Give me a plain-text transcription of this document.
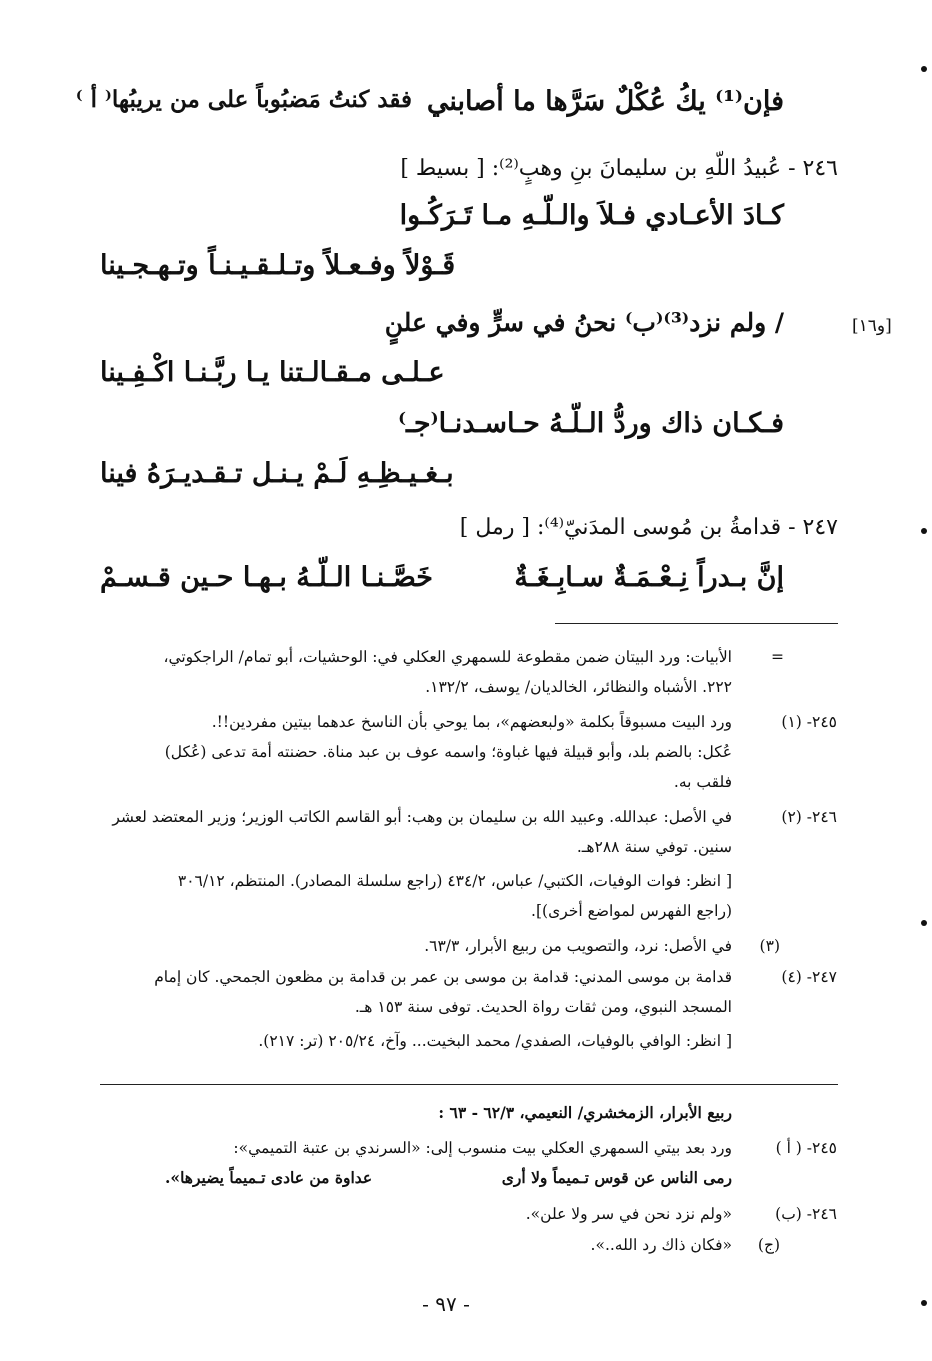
فإن⁽¹⁾ يكُ عُكْلٌ سَرَّها ما أصابني

فقد كنتُ مَضبُوباً على من يريبُها⁽ أ ⁾

٢٤٦ - عُبيدُ اللّهِ بن سليمانَ بنِ وهبٍ⁽²⁾: [ بسيط ]

كـادَ الأعـادي فـلاَ والـلّـهِ مـا تَـرَكُـوا

قَـوْلاً وفـعـلاً وتـلـقـيـنـاً وتـهـجـينا

/ ولم نزد⁽³⁾⁽ب⁾ نحنُ في سرٍّ وفي علنٍ	[و١٦]

عـلـى مـقـالـتنا يـا ربَّـنـا اكْـفِـينا

فـكـان ذاك وردُّ الـلّـهُ حـاسـدنـا⁽ﺟـ⁾

بـغـيـظِـهِ لَـمْ يـنـل تـقـديـرَهُ فينا

٢٤٧ - قدامةُ بن مُوسى المدَنيّ⁽⁴⁾: [ رمل ]

إنَّ بـدراً نِـعْـمَـةٌ سـابِـغَـةٌ

خَصَّـنـا الـلّـهُ بـهـا حـين قـسـمْ

=

الأبيات: ورد البيتان ضمن مقطوعة للسمهري العكلي في: الوحشيات، أبو تمام/ الراجكوتي،

٢٢٢. الأشباه والنظائر، الخالديان/ يوسف، ١٣٢/٢.

٢٤٥- (١)

ورد البيت مسبوقاً بكلمة «ولبعضهم»، بما يوحي بأن الناسخ عدهما بيتين مفردين!!.

عُكل: بالضم بلد، وأبو قبيلة فيها غباوة؛ واسمه عوف بن عبد مناة. حضنته أمة تدعى (عُكل)

فلقب به.

٢٤٦- (٢)

في الأصل: عبدالله. وعبيد الله بن سليمان بن وهب: أبو القاسم الكاتب الوزير؛ وزير المعتضد لعشر

سنين. توفي سنة ٢٨٨هـ.

[ انظر: فوات الوفيات، الكتبي/ عباس، ٤٣٤/٢ (راجع سلسلة المصادر). المنتظم، ٣٠٦/١٢

(راجع الفهرس لمواضع أخرى)].

(٣)

في الأصل: نرد، والتصويب من ربيع الأبرار، ٦٣/٣.

٢٤٧- (٤)

قدامة بن موسى المدني: قدامة بن موسى بن عمر بن قدامة بن مظعون الجمحي. كان إمام

المسجد النبوي، ومن ثقات رواة الحديث. توفى سنة ١٥٣ هـ.

[ انظر: الوافي بالوفيات، الصفدي/ محمد البخيت... وآخ، ٢٠٥/٢٤ (تر: ٢١٧).

ربيع الأبرار، الزمخشري/ النعيمي، ٦٢/٣ - ٦٣ :

٢٤٥- ( أ )

ورد بعد بيتي السمهري العكلي بيت منسوب إلى: «السرندي بن عتبة التميمي»:

رمى الناس عن قوس تـميماً ولا أرى

عداوة من عادى تـميماً يضيرها».

٢٤٦- (ب)

«ولم نزد نحن في سر ولا علن».

(ج)

«فكان ذاك رد الله..».

- ٩٧ -
